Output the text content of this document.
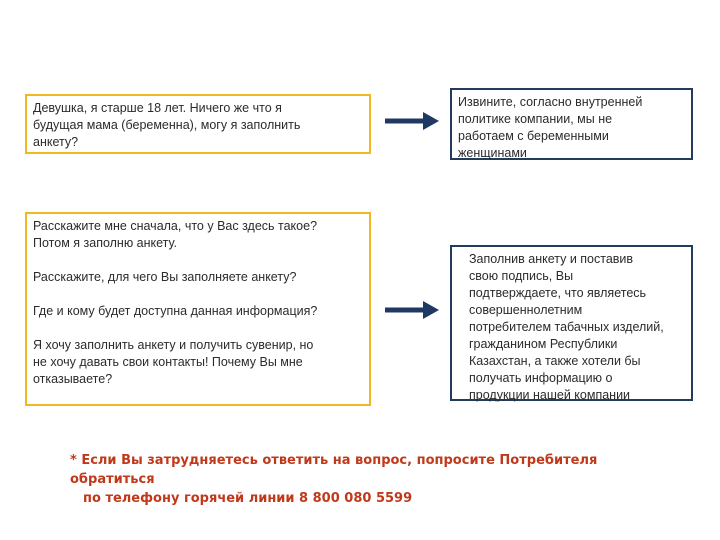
Девушка, я старше 18 лет. Ничего же что я
будущая мама (беременна), могу я заполнить
анкету?
Извините, согласно внутренней
политике компании, мы не
работаем с беременными
женщинами
Расскажите мне сначала, что у Вас здесь такое?
Потом я заполню анкету.

Расскажите, для чего Вы заполняете анкету?

Где и кому будет доступна данная информация?

Я хочу заполнить анкету и получить сувенир, но
не хочу давать свои контакты! Почему Вы мне
отказываете?
Заполнив анкету и поставив
свою подпись, Вы
подтверждаете, что являетесь
совершеннолетним
потребителем табачных изделий,
гражданином Республики
Казахстан, а также хотели бы
получать информацию о
продукции нашей компании
* Если Вы затрудняетесь ответить на вопрос, попросите Потребителя обратиться
по телефону горячей линии 8 800 080 5599
